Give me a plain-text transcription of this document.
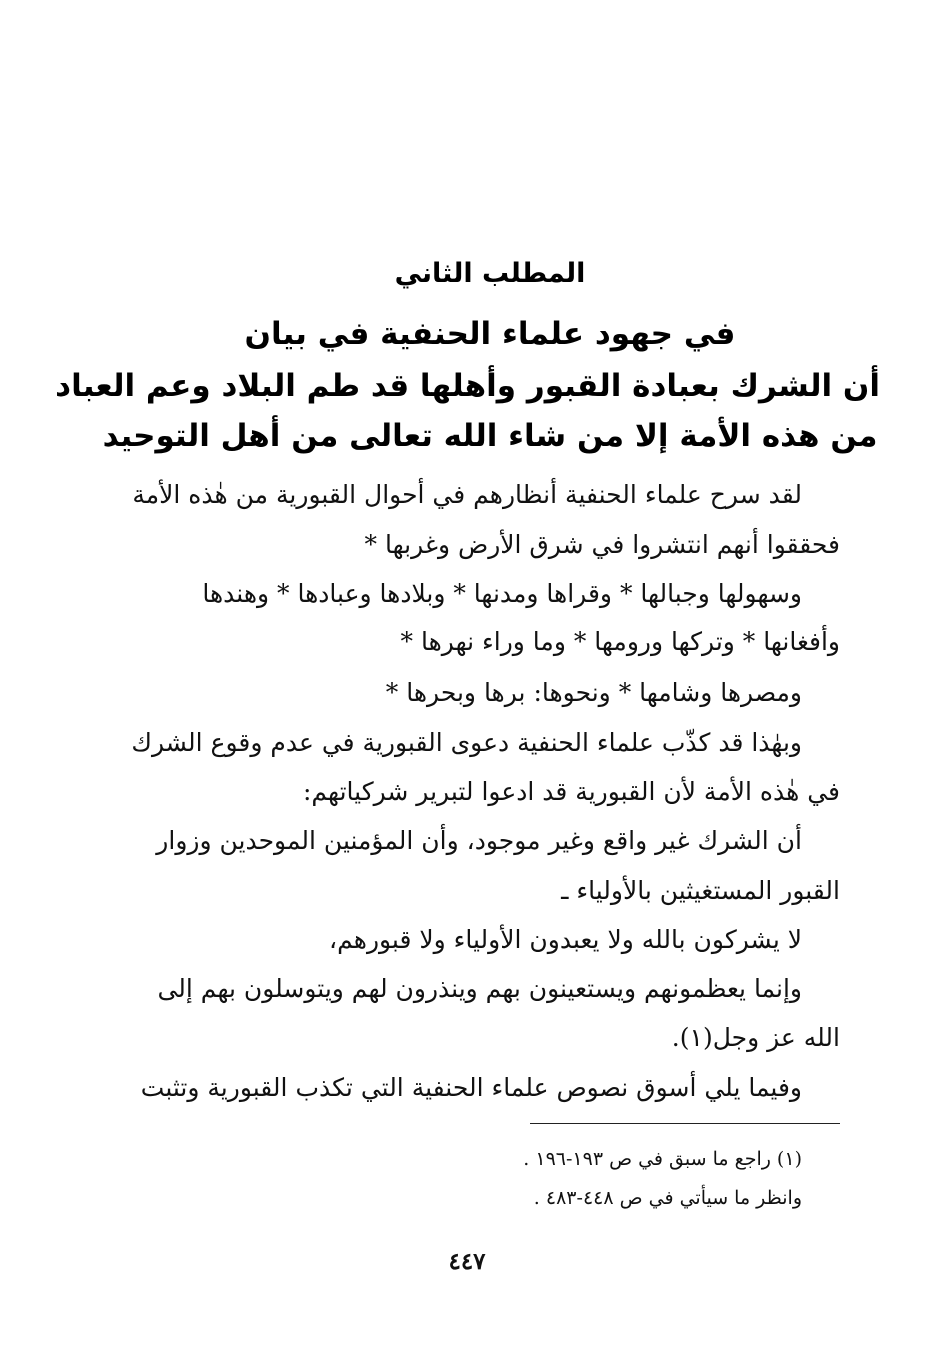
المطلب الثاني
في جهود علماء الحنفية في بيان
أن الشرك بعبادة القبور وأهلها قد طم البلاد وعم العباد
من هذه الأمة إلا من شاء الله تعالى من أهل التوحيد
لقد سرح علماء الحنفية أنظارهم في أحوال القبورية من هٰذه الأمة
فحققوا أنهم انتشروا في شرق الأرض وغربها *
وسهولها وجبالها * وقراها ومدنها * وبلادها وعبادها * وهندها
وأفغانها * وتركها ورومها * وما وراء نهرها *
ومصرها وشامها * ونحوها: برها وبحرها *
وبهٰذا قد كذّب علماء الحنفية دعوى القبورية في عدم وقوع الشرك
في هٰذه الأمة لأن القبورية قد ادعوا لتبرير شركياتهم:
أن الشرك غير واقع وغير موجود، وأن المؤمنين الموحدين وزوار
القبور المستغيثين بالأولياء ـ
لا يشركون بالله ولا يعبدون الأولياء ولا قبورهم،
وإنما يعظمونهم ويستعينون بهم وينذرون لهم ويتوسلون بهم إلى
الله عز وجل(١).
وفيما يلي أسوق نصوص علماء الحنفية التي تكذب القبورية وتثبت
(١) راجع ما سبق في ص ١٩٣-١٩٦ .
وانظر ما سيأتي في ص ٤٤٨-٤٨٣ .
٤٤٧
